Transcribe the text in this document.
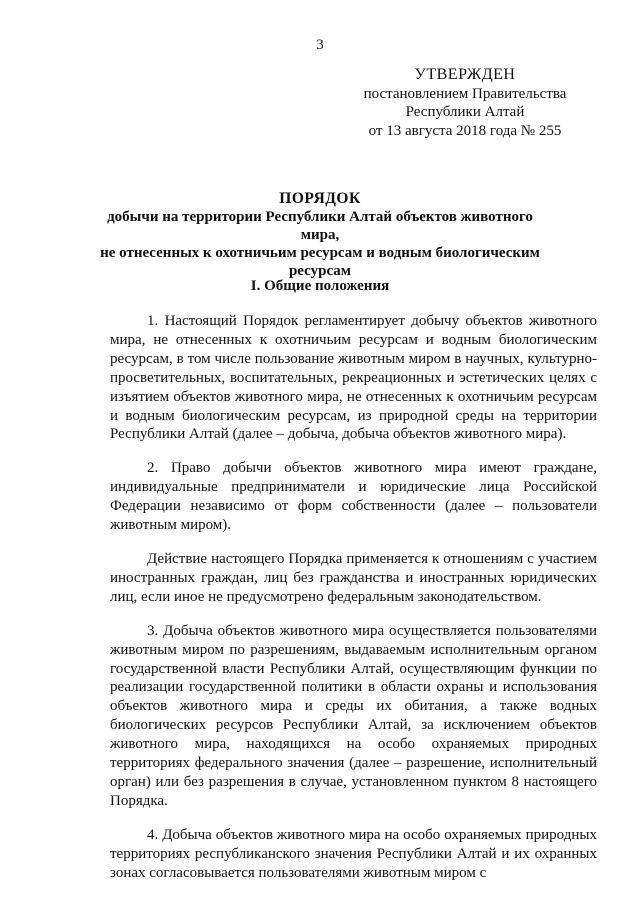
3
УТВЕРЖДЕН
постановлением Правительства
Республики Алтай
от 13 августа 2018 года № 255
ПОРЯДОК
добычи на территории Республики Алтай объектов животного мира,
не отнесенных к охотничьим ресурсам и водным биологическим
ресурсам
I. Общие положения

1. Настоящий Порядок регламентирует добычу объектов животного мира, не отнесенных к охотничьим ресурсам и водным биологическим ресурсам, в том числе пользование животным миром в научных, культурно-просветительных, воспитательных, рекреационных и эстетических целях с изъятием объектов животного мира, не отнесенных к охотничьим ресурсам и водным биологическим ресурсам, из природной среды на территории Республики Алтай (далее – добыча, добыча объектов животного мира).

2. Право добычи объектов животного мира имеют граждане, индивидуальные предприниматели и юридические лица Российской Федерации независимо от форм собственности (далее – пользователи животным миром).

Действие настоящего Порядка применяется к отношениям с участием иностранных граждан, лиц без гражданства и иностранных юридических лиц, если иное не предусмотрено федеральным законодательством.

3. Добыча объектов животного мира осуществляется пользователями животным миром по разрешениям, выдаваемым исполнительным органом государственной власти Республики Алтай, осуществляющим функции по реализации государственной политики в области охраны и использования объектов животного мира и среды их обитания, а также водных биологических ресурсов Республики Алтай, за исключением объектов животного мира, находящихся на особо охраняемых природных территориях федерального значения (далее – разрешение, исполнительный орган) или без разрешения в случае, установленном пунктом 8 настоящего Порядка.

4. Добыча объектов животного мира на особо охраняемых природных территориях республиканского значения Республики Алтай и их охранных зонах согласовывается пользователями животным миром с
